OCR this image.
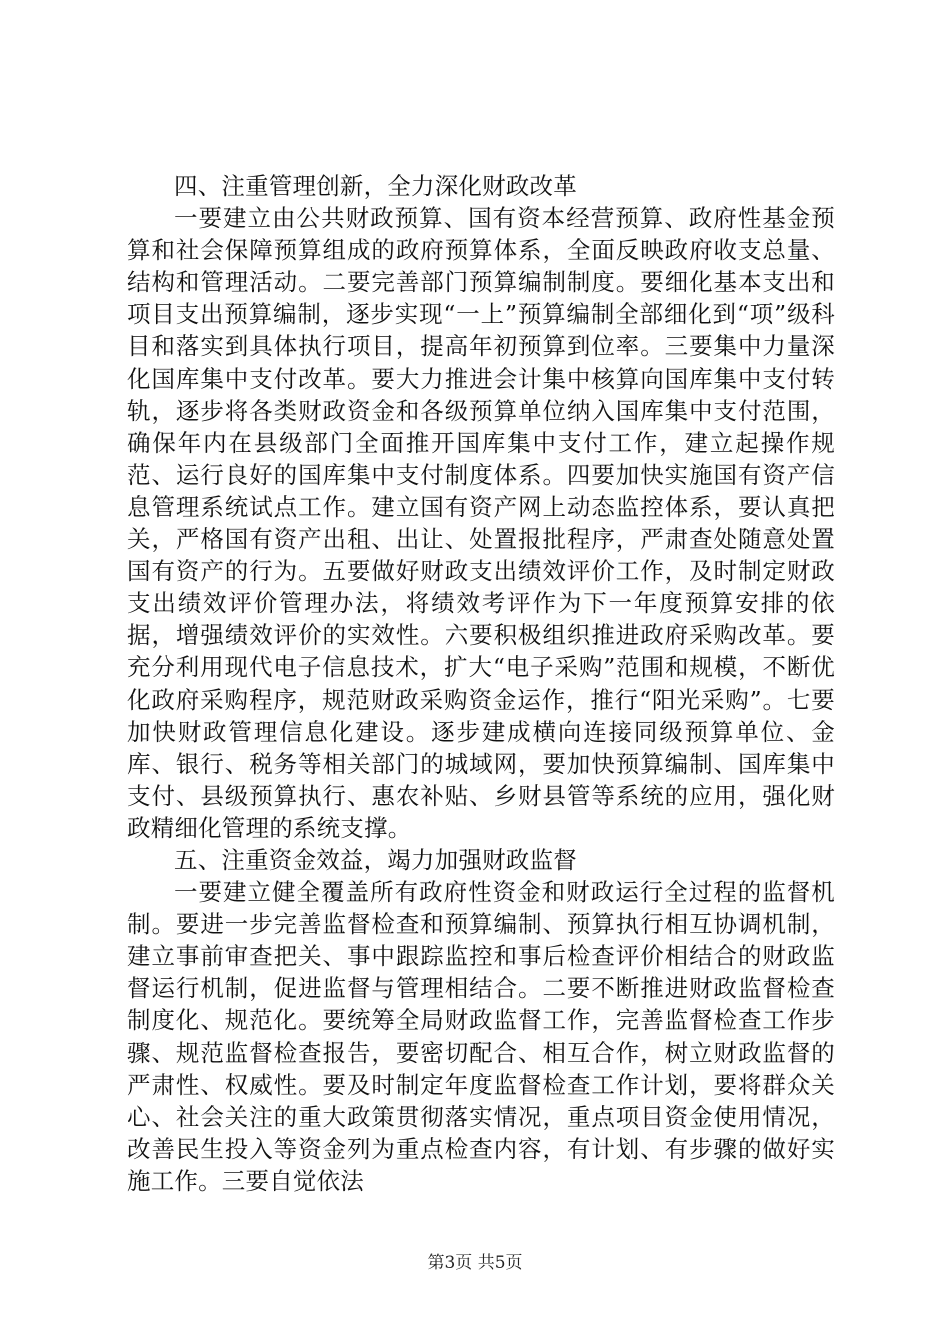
四、注重管理创新，全力深化财政改革

一要建立由公共财政预算、国有资本经营预算、政府性基金预算和社会保障预算组成的政府预算体系，全面反映政府收支总量、结构和管理活动。二要完善部门预算编制制度。要细化基本支出和项目支出预算编制，逐步实现“一上”预算编制全部细化到“项”级科目和落实到具体执行项目，提高年初预算到位率。三要集中力量深化国库集中支付改革。要大力推进会计集中核算向国库集中支付转轨，逐步将各类财政资金和各级预算单位纳入国库集中支付范围，确保年内在县级部门全面推开国库集中支付工作，建立起操作规范、运行良好的国库集中支付制度体系。四要加快实施国有资产信息管理系统试点工作。建立国有资产网上动态监控体系，要认真把关，严格国有资产出租、出让、处置报批程序，严肃查处随意处置国有资产的行为。五要做好财政支出绩效评价工作，及时制定财政支出绩效评价管理办法，将绩效考评作为下一年度预算安排的依据，增强绩效评价的实效性。六要积极组织推进政府采购改革。要充分利用现代电子信息技术，扩大“电子采购”范围和规模，不断优化政府采购程序，规范财政采购资金运作，推行“阳光采购”。七要加快财政管理信息化建设。逐步建成横向连接同级预算单位、金库、银行、税务等相关部门的城域网，要加快预算编制、国库集中支付、县级预算执行、惠农补贴、乡财县管等系统的应用，强化财政精细化管理的系统支撑。

五、注重资金效益，竭力加强财政监督

一要建立健全覆盖所有政府性资金和财政运行全过程的监督机制。要进一步完善监督检查和预算编制、预算执行相互协调机制，建立事前审查把关、事中跟踪监控和事后检查评价相结合的财政监督运行机制，促进监督与管理相结合。二要不断推进财政监督检查制度化、规范化。要统筹全局财政监督工作，完善监督检查工作步骤、规范监督检查报告，要密切配合、相互合作，树立财政监督的严肃性、权威性。要及时制定年度监督检查工作计划，要将群众关心、社会关注的重大政策贯彻落实情况，重点项目资金使用情况，改善民生投入等资金列为重点检查内容，有计划、有步骤的做好实施工作。三要自觉依法

第3页 共5页
